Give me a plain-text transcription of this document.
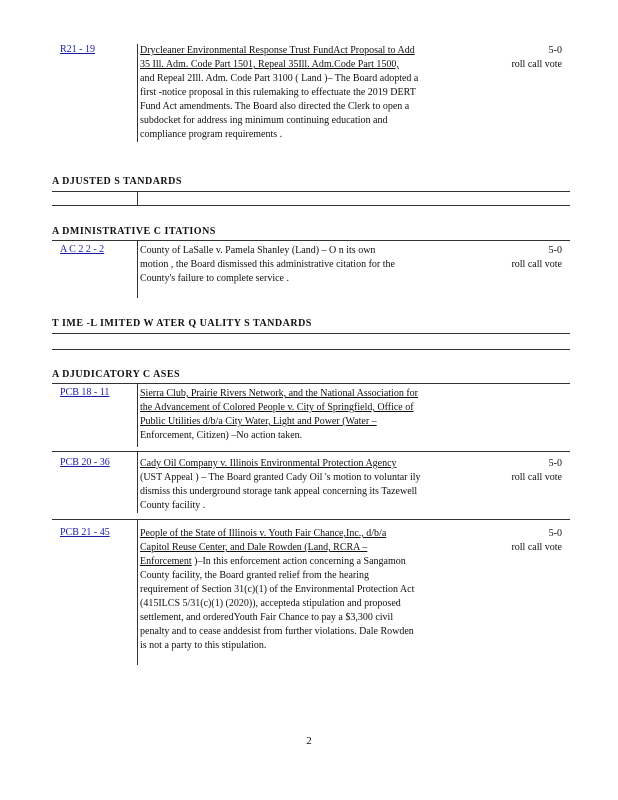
R21 - 19	Drycleaner Environmental Response Trust FundAct Proposal to Add
35 Ill. Adm. Code Part 1501, Repeal 35Ill. Adm.Code Part 1500,
and Repeal 2Ill. Adm. Code Part 3100 ( Land )– The Board adopted a
first -notice proposal in this rulemaking to effectuate the 2019 DERT
Fund Act amendments. The Board also directed the Clerk to open a
subdocket for address ing minimum continuing education and
compliance program requirements .
5-0
roll call vote
A DJUSTED S TANDARDS
A DMINISTRATIVE C ITATIONS
A C 2 2 - 2	County of LaSalle v. Pamela Shanley (Land) – O n its own
motion , the Board dismissed this administrative citation for the
County's failure to complete service .
5-0
roll call vote
T IME -L IMITED W ATER Q UALITY S TANDARDS
A DJUDICATORY C ASES
PCB 18 - 11	Sierra Club, Prairie Rivers Network, and the National Association for
the Advancement of Colored People v. City of Springfield, Office of
Public Utilities d/b/a City Water, Light and Power (Water –
Enforcement, Citizen) –No action taken.
PCB 20 - 36	Cady Oil Company v. Illinois Environmental Protection Agency
(UST Appeal ) – The Board granted Cady Oil 's motion to voluntar ily
dismiss this underground storage tank appeal concerning its Tazewell
County facility .
5-0
roll call vote
PCB 21 - 45	People of the State of Illinois v. Youth Fair Chance,Inc., d/b/a
Capitol Reuse Center, and Dale Rowden (Land, RCRA –
Enforcement )–In this enforcement action concerning a Sangamon
County facility, the Board granted relief from the hearing
requirement of Section 31(c)(1) of the Environmental Protection Act
(415ILCS 5/31(c)(1) (2020)), accepteda stipulation and proposed
settlement, and orderedYouth Fair Chance to pay a $3,300 civil
penalty and to cease anddesist from further violations. Dale Rowden
is not a party to this stipulation.
5-0
roll call vote
2
